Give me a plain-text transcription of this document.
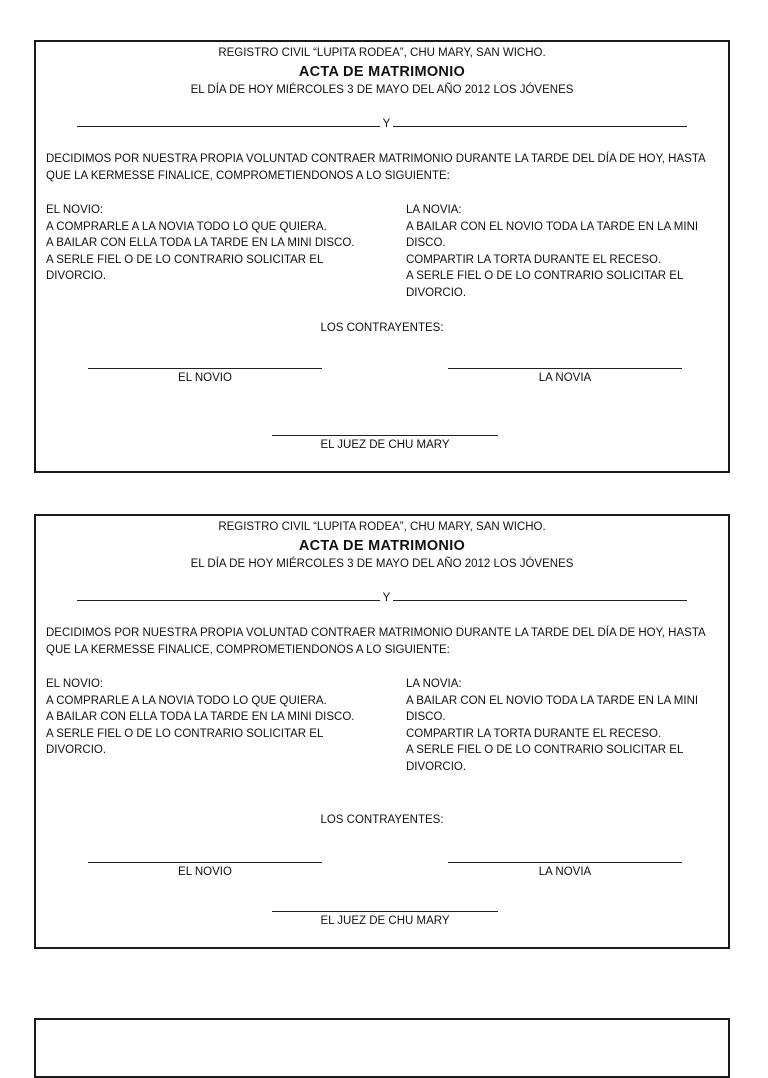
REGISTRO CIVIL “LUPITA RODEA”, CHU MARY, SAN WICHO.
ACTA DE MATRIMONIO
EL DÍA DE HOY MIÉRCOLES 3 DE MAYO DEL AÑO 2012 LOS JÓVENES
Y
DECIDIMOS POR NUESTRA PROPIA VOLUNTAD CONTRAER MATRIMONIO DURANTE LA TARDE DEL DÍA DE HOY, HASTA
QUE LA KERMESSE FINALICE, COMPROMETIENDONOS A LO SIGUIENTE:
EL NOVIO:
A COMPRARLE A LA NOVIA TODO LO QUE QUIERA.
A BAILAR CON ELLA TODA LA TARDE EN LA MINI DISCO.
A SERLE FIEL O DE LO CONTRARIO SOLICITAR EL
DIVORCIO.
LA NOVIA:
A BAILAR CON EL NOVIO TODA LA TARDE EN LA MINI
DISCO.
COMPARTIR LA TORTA DURANTE EL RECESO.
A SERLE FIEL O DE LO CONTRARIO SOLICITAR EL
DIVORCIO.
LOS CONTRAYENTES:
EL NOVIO	LA NOVIA
EL JUEZ DE CHU MARY
REGISTRO CIVIL “LUPITA RODEA”, CHU MARY, SAN WICHO.
ACTA DE MATRIMONIO
EL DÍA DE HOY MIÉRCOLES 3 DE MAYO DEL AÑO 2012 LOS JÓVENES
Y
DECIDIMOS POR NUESTRA PROPIA VOLUNTAD CONTRAER MATRIMONIO DURANTE LA TARDE DEL DÍA DE HOY, HASTA
QUE LA KERMESSE FINALICE, COMPROMETIENDONOS A LO SIGUIENTE:
EL NOVIO:
A COMPRARLE A LA NOVIA TODO LO QUE QUIERA.
A BAILAR CON ELLA TODA LA TARDE EN LA MINI DISCO.
A SERLE FIEL O DE LO CONTRARIO SOLICITAR EL
DIVORCIO.
LA NOVIA:
A BAILAR CON EL NOVIO TODA LA TARDE EN LA MINI
DISCO.
COMPARTIR LA TORTA DURANTE EL RECESO.
A SERLE FIEL O DE LO CONTRARIO SOLICITAR EL
DIVORCIO.
LOS CONTRAYENTES:
EL NOVIO	LA NOVIA
EL JUEZ DE CHU MARY
